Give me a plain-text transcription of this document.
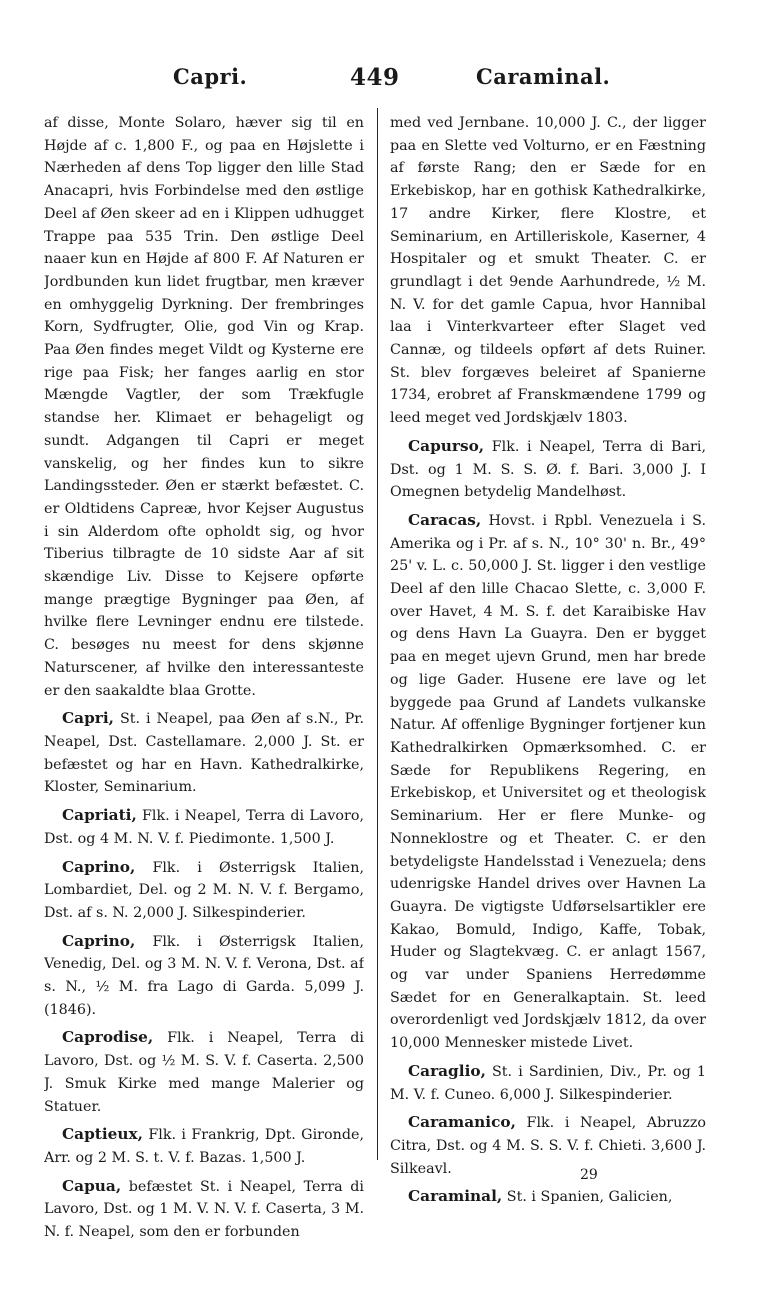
Capri.	449	Caraminal.

af disse, Monte Solaro, hæver sig til en Højde af c. 1,800 F., og paa en Højslette i Nærheden af dens Top ligger den lille Stad Anacapri, hvis Forbindelse med den østlige Deel af Øen skeer ad en i Klippen udhugget Trappe paa 535 Trin. Den østlige Deel naaer kun en Højde af 800 F. Af Naturen er Jordbunden kun lidet frugtbar, men kræver en omhyggelig Dyrkning. Der frembringes Korn, Sydfrugter, Olie, god Vin og Krap. Paa Øen findes meget Vildt og Kysterne ere rige paa Fisk; her fanges aarlig en stor Mængde Vagtler, der som Trækfugle standse her. Klimaet er behageligt og sundt. Adgangen til Capri er meget vanskelig, og her findes kun to sikre Landingssteder. Øen er stærkt befæstet. C. er Oldtidens Capreæ, hvor Kejser Augustus i sin Alderdom ofte opholdt sig, og hvor Tiberius tilbragte de 10 sidste Aar af sit skændige Liv. Disse to Kejsere opførte mange prægtige Bygninger paa Øen, af hvilke flere Levninger endnu ere tilstede. C. besøges nu meest for dens skjønne Naturscener, af hvilke den interessanteste er den saakaldte blaa Grotte.

Capri, St. i Neapel, paa Øen af s.N., Pr. Neapel, Dst. Castellamare. 2,000 J. St. er befæstet og har en Havn. Kathedralkirke, Kloster, Seminarium.

Capriati, Flk. i Neapel, Terra di Lavoro, Dst. og 4 M. N. V. f. Piedimonte. 1,500 J.

Caprino, Flk. i Østerrigsk Italien, Lombardiet, Del. og 2 M. N. V. f. Bergamo, Dst. af s. N. 2,000 J. Silkespinderier.

Caprino, Flk. i Østerrigsk Italien, Venedig, Del. og 3 M. N. V. f. Verona, Dst. af s. N., ½ M. fra Lago di Garda. 5,099 J. (1846).

Caprodise, Flk. i Neapel, Terra di Lavoro, Dst. og ½ M. S. V. f. Caserta. 2,500 J. Smuk Kirke med mange Malerier og Statuer.

Captieux, Flk. i Frankrig, Dpt. Gironde, Arr. og 2 M. S. t. V. f. Bazas. 1,500 J.

Capua, befæstet St. i Neapel, Terra di Lavoro, Dst. og 1 M. V. N. V. f. Caserta, 3 M. N. f. Neapel, som den er forbunden

med ved Jernbane. 10,000 J. C., der ligger paa en Slette ved Volturno, er en Fæstning af første Rang; den er Sæde for en Erkebiskop, har en gothisk Kathedralkirke, 17 andre Kirker, flere Klostre, et Seminarium, en Artilleriskole, Kaserner, 4 Hospitaler og et smukt Theater. C. er grundlagt i det 9ende Aarhundrede, ½ M. N. V. for det gamle Capua, hvor Hannibal laa i Vinterkvarteer efter Slaget ved Cannæ, og tildeels opført af dets Ruiner. St. blev forgæves beleiret af Spanierne 1734, erobret af Franskmændene 1799 og leed meget ved Jordskjælv 1803.

Capurso, Flk. i Neapel, Terra di Bari, Dst. og 1 M. S. S. Ø. f. Bari. 3,000 J. I Omegnen betydelig Mandelhøst.

Caracas, Hovst. i Rpbl. Venezuela i S. Amerika og i Pr. af s. N., 10° 30' n. Br., 49° 25' v. L. c. 50,000 J. St. ligger i den vestlige Deel af den lille Chacao Slette, c. 3,000 F. over Havet, 4 M. S. f. det Karaibiske Hav og dens Havn La Guayra. Den er bygget paa en meget ujevn Grund, men har brede og lige Gader. Husene ere lave og let byggede paa Grund af Landets vulkanske Natur. Af offenlige Bygninger fortjener kun Kathedralkirken Opmærksomhed. C. er Sæde for Republikens Regering, en Erkebiskop, et Universitet og et theologisk Seminarium. Her er flere Munke- og Nonneklostre og et Theater. C. er den betydeligste Handelsstad i Venezuela; dens udenrigske Handel drives over Havnen La Guayra. De vigtigste Udførselsartikler ere Kakao, Bomuld, Indigo, Kaffe, Tobak, Huder og Slagtekvæg. C. er anlagt 1567, og var under Spaniens Herredømme Sædet for en Generalkaptain. St. leed overordenligt ved Jordskjælv 1812, da over 10,000 Mennesker mistede Livet.

Caraglio, St. i Sardinien, Div., Pr. og 1 M. V. f. Cuneo. 6,000 J. Silkespinderier.

Caramanico, Flk. i Neapel, Abruzzo Citra, Dst. og 4 M. S. S. V. f. Chieti. 3,600 J. Silkeavl.

Caraminal, St. i Spanien, Galicien,

29
